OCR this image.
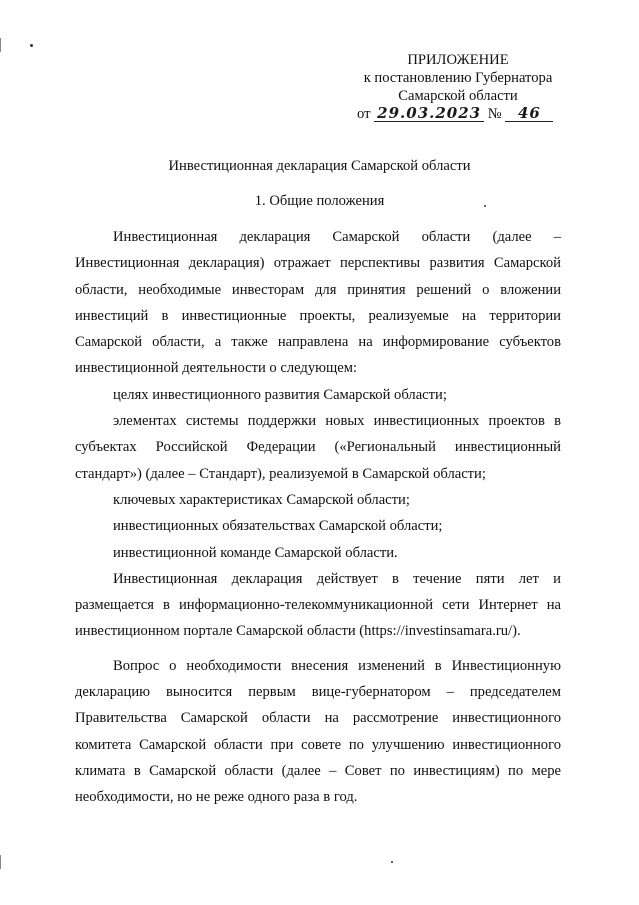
ПРИЛОЖЕНИЕ
к постановлению Губернатора
Самарской области
от 29.03.2023 № 46
Инвестиционная декларация Самарской области
1. Общие положения

Инвестиционная декларация Самарской области (далее – Инвестиционная декларация) отражает перспективы развития Самарской области, необходимые инвесторам для принятия решений о вложении инвестиций в инвестиционные проекты, реализуемые на территории Самарской области, а также направлена на информирование субъектов инвестиционной деятельности о следующем:

целях инвестиционного развития Самарской области;

элементах системы поддержки новых инвестиционных проектов в субъектах Российской Федерации («Региональный инвестиционный стандарт») (далее – Стандарт), реализуемой в Самарской области;

ключевых характеристиках Самарской области;

инвестиционных обязательствах Самарской области;

инвестиционной команде Самарской области.

Инвестиционная декларация действует в течение пяти лет и размещается в информационно-телекоммуникационной сети Интернет на инвестиционном портале Самарской области (https://investinsamara.ru/).

Вопрос о необходимости внесения изменений в Инвестиционную декларацию выносится первым вице-губернатором – председателем Правительства Самарской области на рассмотрение инвестиционного комитета Самарской области при совете по улучшению инвестиционного климата в Самарской области (далее – Совет по инвестициям) по мере необходимости, но не реже одного раза в год.
